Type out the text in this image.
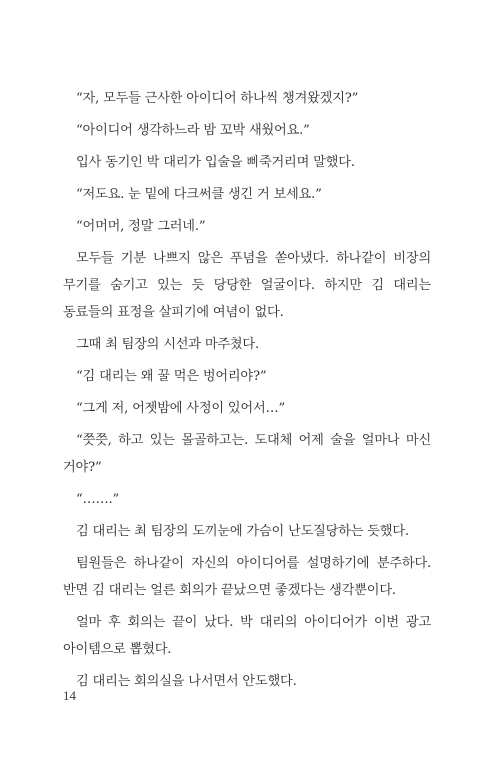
“자, 모두들 근사한 아이디어 하나씩 챙겨왔겠지?”

“아이디어 생각하느라 밤 꼬박 새웠어요.”

입사 동기인 박 대리가 입술을 삐죽거리며 말했다.

“저도요. 눈 밑에 다크써클 생긴 거 보세요.”

“어머머, 정말 그러네.”

모두들 기분 나쁘지 않은 푸념을 쏟아냈다. 하나같이 비장의 무기를 숨기고 있는 듯 당당한 얼굴이다. 하지만 김 대리는 동료들의 표정을 살피기에 여념이 없다.

그때 최 팀장의 시선과 마주쳤다.

“김 대리는 왜 꿀 먹은 벙어리야?”

“그게 저, 어젯밤에 사정이 있어서…”

“쯧쯧, 하고 있는 몰골하고는. 도대체 어제 술을 얼마나 마신 거야?”

“…….”

김 대리는 최 팀장의 도끼눈에 가슴이 난도질당하는 듯했다.

팀원들은 하나같이 자신의 아이디어를 설명하기에 분주하다. 반면 김 대리는 얼른 회의가 끝났으면 좋겠다는 생각뿐이다.

얼마 후 회의는 끝이 났다. 박 대리의 아이디어가 이번 광고 아이템으로 뽑혔다.

김 대리는 회의실을 나서면서 안도했다.

14
